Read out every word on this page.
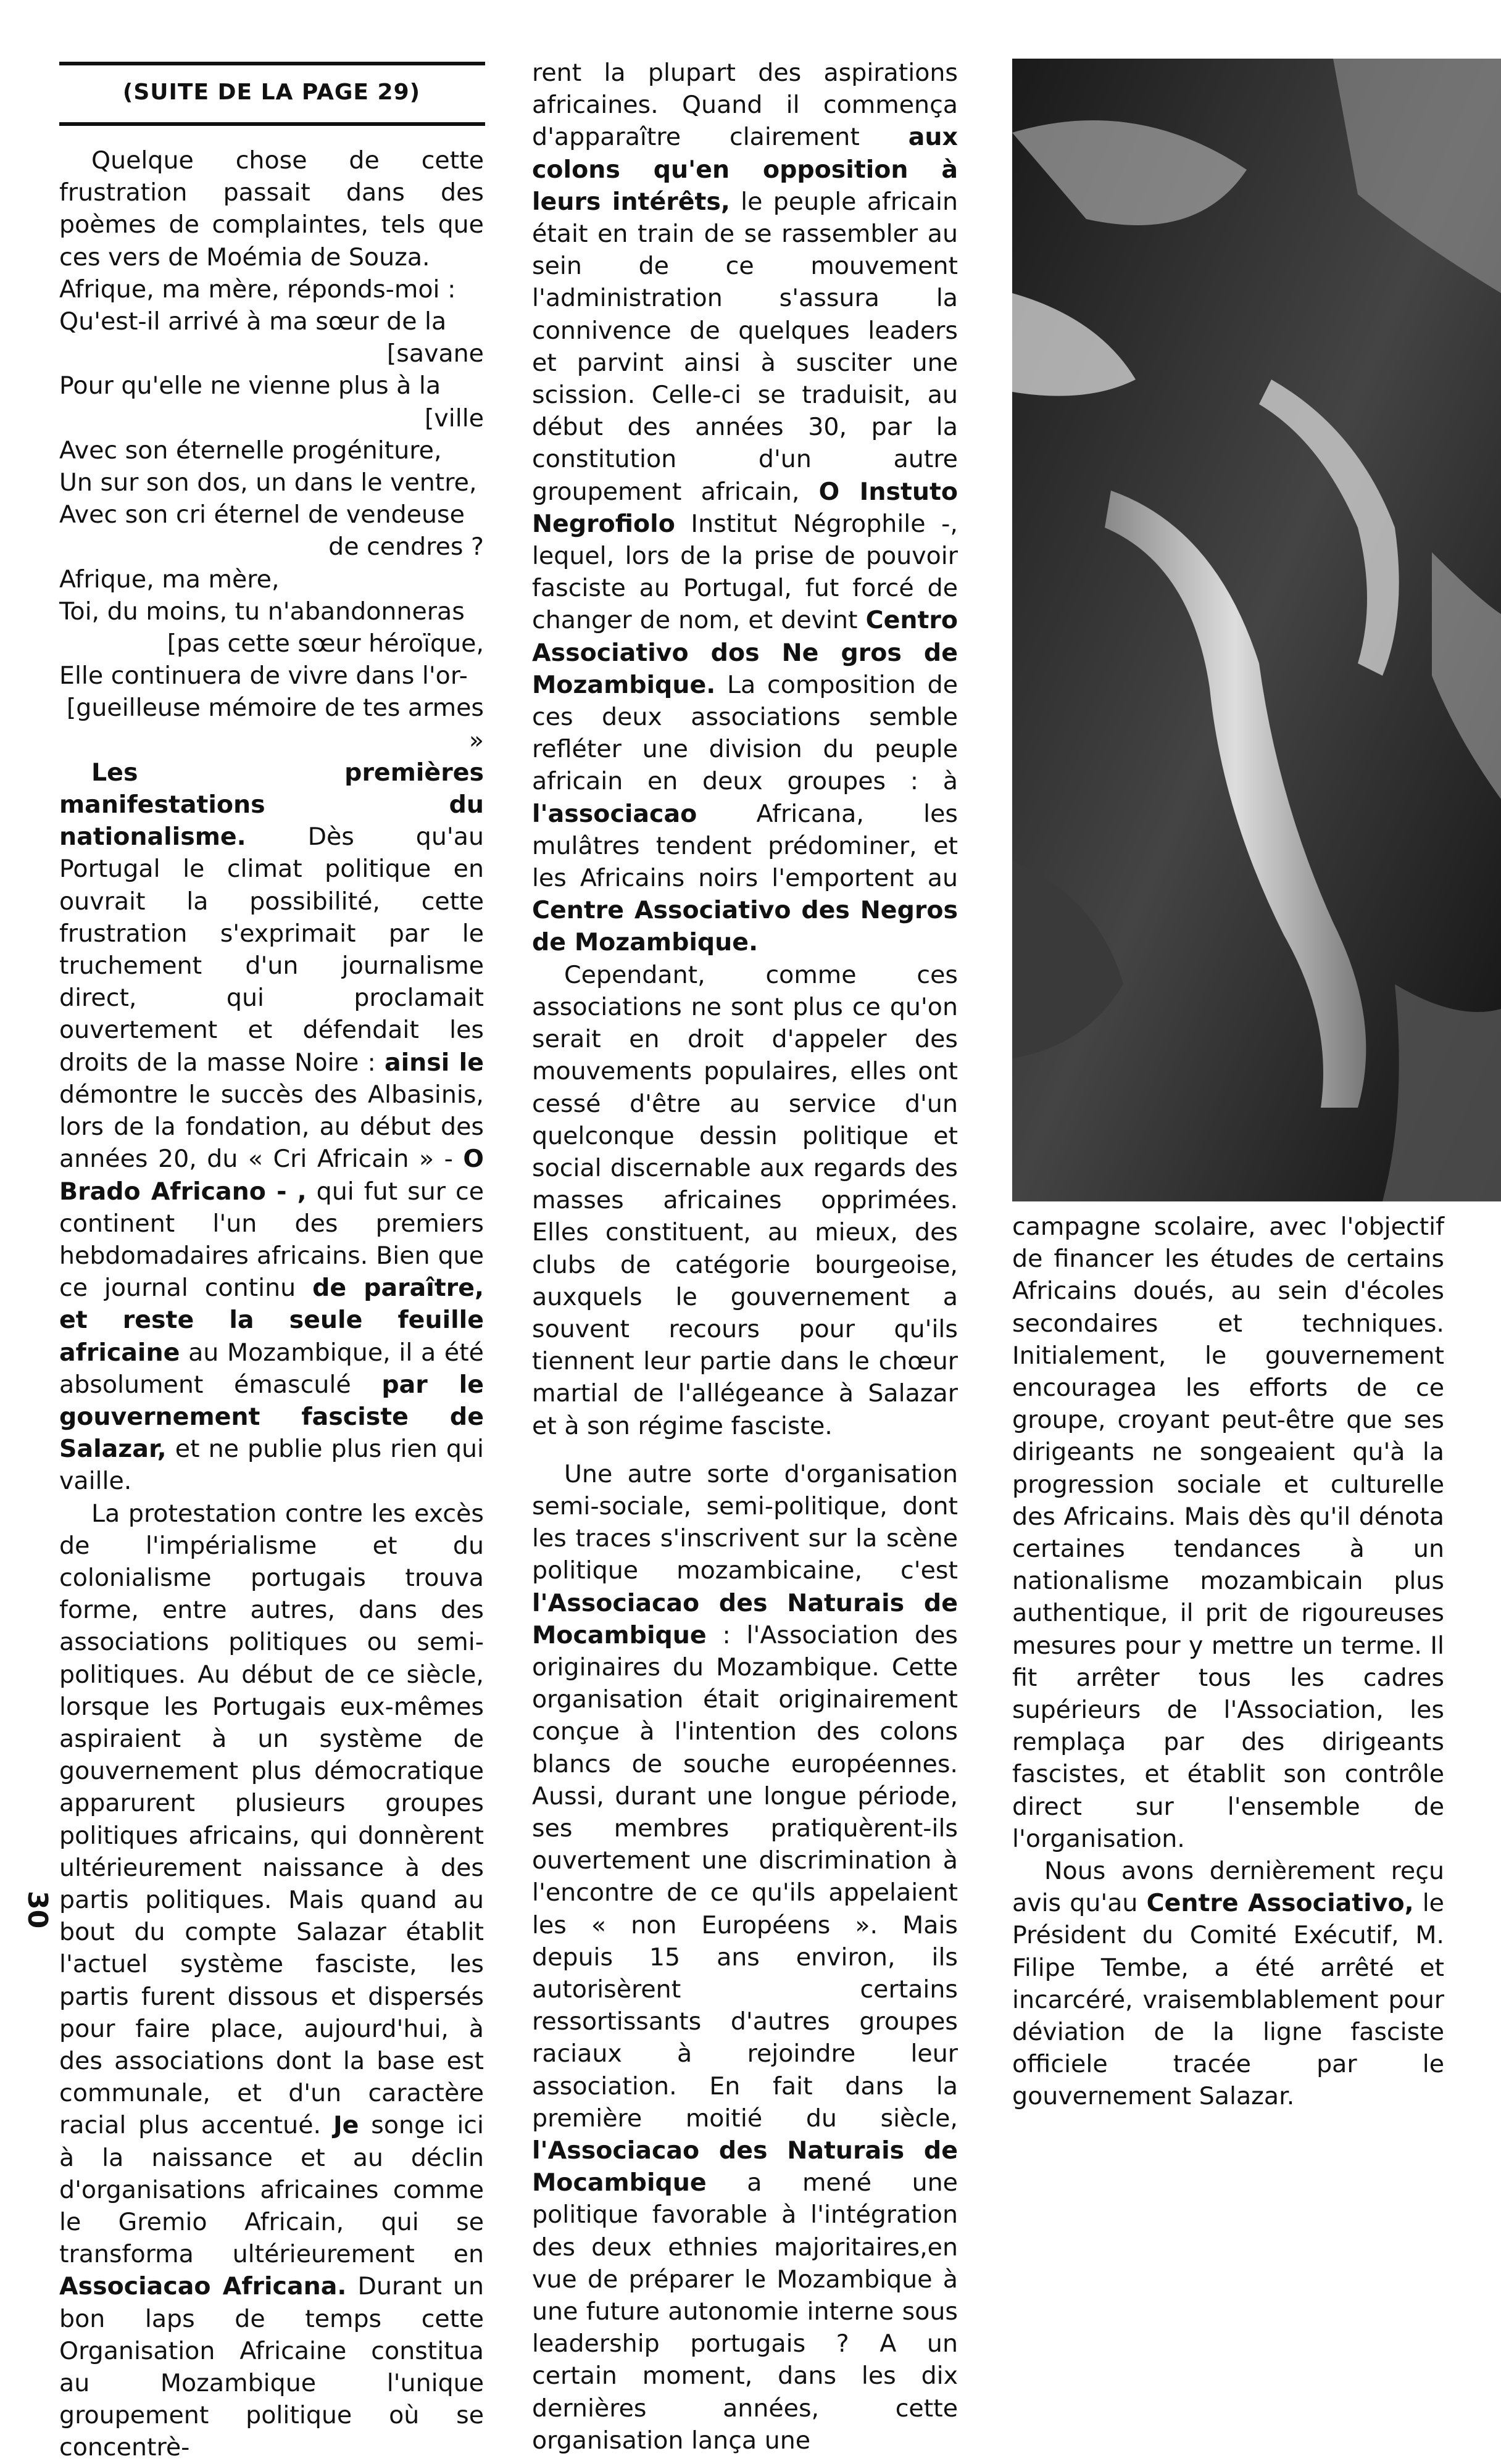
(SUITE DE LA PAGE 29)

Quelque chose de cette frustration passait dans des poèmes de complaintes, tels que ces vers de Moémia de Souza.

Afrique, ma mère, réponds-moi :
Qu'est-il arrivé à ma sœur de la
[savane
Pour qu'elle ne vienne plus à la
[ville
Avec son éternelle progéniture,
Un sur son dos, un dans le ventre,
Avec son cri éternel de vendeuse
de cendres ?
Afrique, ma mère,
Toi, du moins, tu n'abandonneras
[pas cette sœur héroïque,
Elle continuera de vivre dans l'or-
[gueilleuse mémoire de tes armes »

Les premières manifestations du nationalisme. Dès qu'au Portugal le climat politique en ouvrait la possibilité, cette frustration s'exprimait par le truchement d'un journalisme direct, qui proclamait ouvertement et défendait les droits de la masse Noire : ainsi le démontre le succès des Albasinis, lors de la fondation, au début des années 20, du « Cri Africain » - O Brado Africano - , qui fut sur ce continent l'un des premiers hebdomadaires africains. Bien que ce journal continu de paraître, et reste la seule feuille africaine au Mozambique, il a été absolument émasculé par le gouvernement fasciste de Salazar, et ne publie plus rien qui vaille.

La protestation contre les excès de l'impérialisme et du colonialisme portugais trouva forme, entre autres, dans des associations politiques ou semi-politiques. Au début de ce siècle, lorsque les Portugais eux-mêmes aspiraient à un système de gouvernement plus démocratique apparurent plusieurs groupes politiques africains, qui donnèrent ultérieurement naissance à des partis politiques. Mais quand au bout du compte Salazar établit l'actuel système fasciste, les partis furent dissous et dispersés pour faire place, aujourd'hui, à des associations dont la base est communale, et d'un caractère racial plus accentué. Je songe ici à la naissance et au déclin d'organisations africaines comme le Gremio Africain, qui se transforma ultérieurement en Associacao Africana. Durant un bon laps de temps cette Organisation Africaine constitua au Mozambique l'unique groupement politique où se concentrè-

rent la plupart des aspirations africaines. Quand il commença d'apparaître clairement aux colons qu'en opposition à leurs intérêts, le peuple africain était en train de se rassembler au sein de ce mouvement l'administration s'assura la connivence de quelques leaders et parvint ainsi à susciter une scission. Celle-ci se traduisit, au début des années 30, par la constitution d'un autre groupement africain, O Instuto Negrofiolo Institut Négrophile -, lequel, lors de la prise de pouvoir fasciste au Portugal, fut forcé de changer de nom, et devint Centro Associativo dos Ne gros de Mozambique. La composition de ces deux associations semble refléter une division du peuple africain en deux groupes : à l'associacao Africana, les mulâtres tendent prédominer, et les Africains noirs l'emportent au Centre Associativo des Negros de Mozambique.

Cependant, comme ces associations ne sont plus ce qu'on serait en droit d'appeler des mouvements populaires, elles ont cessé d'être au service d'un quelconque dessin politique et social discernable aux regards des masses africaines opprimées. Elles constituent, au mieux, des clubs de catégorie bourgeoise, auxquels le gouvernement a souvent recours pour qu'ils tiennent leur partie dans le chœur martial de l'allégeance à Salazar et à son régime fasciste.

Une autre sorte d'organisation semi-sociale, semi-politique, dont les traces s'inscrivent sur la scène politique mozambicaine, c'est l'Associacao des Naturais de Mocambique : l'Association des originaires du Mozambique. Cette organisation était originairement conçue à l'intention des colons blancs de souche européennes. Aussi, durant une longue période, ses membres pratiquèrent-ils ouvertement une discrimination à l'encontre de ce qu'ils appelaient les « non Européens ». Mais depuis 15 ans environ, ils autorisèrent certains ressortissants d'autres groupes raciaux à rejoindre leur association. En fait dans la première moitié du siècle, l'Associacao des Naturais de Mocambique a mené une politique favorable à l'intégration des deux ethnies majoritaires,en vue de préparer le Mozambique à une future autonomie interne sous leadership portugais ? A un certain moment, dans les dix dernières années, cette organisation lança une

campagne scolaire, avec l'objectif de financer les études de certains Africains doués, au sein d'écoles secondaires et techniques. Initialement, le gouvernement encouragea les efforts de ce groupe, croyant peut-être que ses dirigeants ne songeaient qu'à la progression sociale et culturelle des Africains. Mais dès qu'il dénota certaines tendances à un nationalisme mozambicain plus authentique, il prit de rigoureuses mesures pour y mettre un terme. Il fit arrêter tous les cadres supérieurs de l'Association, les remplaça par des dirigeants fascistes, et établit son contrôle direct sur l'ensemble de l'organisation.

Nous avons dernièrement reçu avis qu'au Centre Associativo, le Président du Comité Exécutif, M. Filipe Tembe, a été arrêté et incarcéré, vraisemblablement pour déviation de la ligne fasciste officiele tracée par le gouvernement Salazar.

30
